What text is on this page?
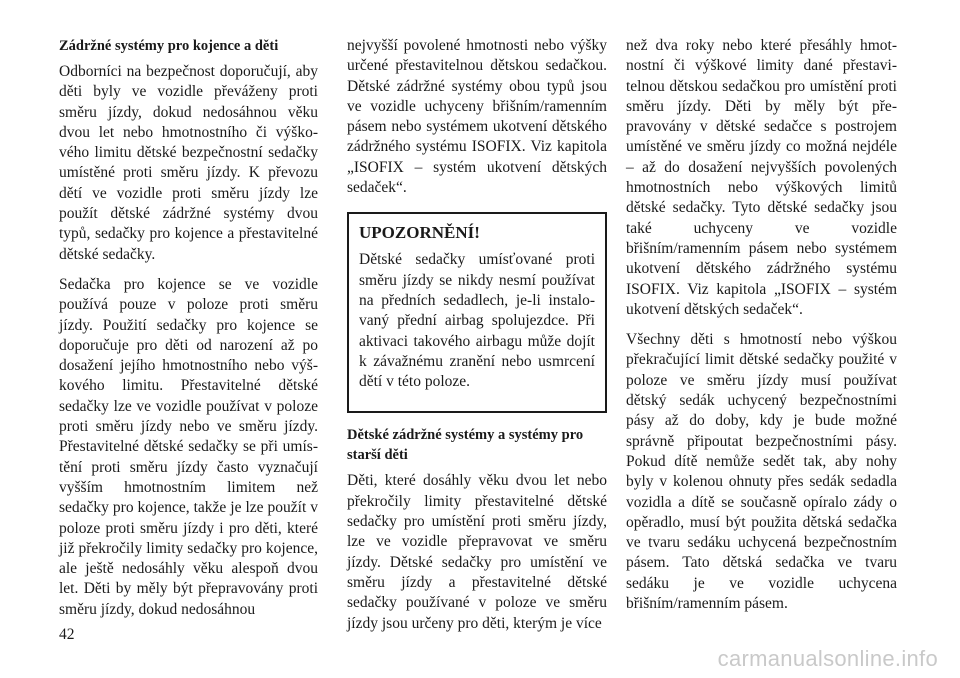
Zádržné systémy pro kojence a děti

Odborníci na bezpečnost doporučují, aby děti byly ve vozidle převáženy proti směru jízdy, dokud nedosáhnou věku dvou let nebo hmotnostního či výškového limitu dětské bezpečnostní sedačky umístěné proti směru jízdy. K převozu dětí ve vozidle proti směru jízdy lze použít dětské zádržné systémy dvou typů, sedačky pro kojence a přestavitelné dětské sedačky.

Sedačka pro kojence se ve vozidle používá pouze v poloze proti směru jízdy. Použití sedačky pro kojence se doporučuje pro děti od narození až po dosažení jejího hmotnostního nebo výškového limitu. Přestavitelné dětské sedačky lze ve vozidle používat v poloze proti směru jízdy nebo ve směru jízdy. Přestavitelné dětské sedačky se při umístění proti směru jízdy často vyznačují vyšším hmotnostním limitem než sedačky pro kojence, takže je lze použít v poloze proti směru jízdy i pro děti, které již překročily limity sedačky pro kojence, ale ještě nedosáhly věku alespoň dvou let. Děti by měly být přepravovány proti směru jízdy, dokud nedosáhnou

nejvyšší povolené hmotnosti nebo výšky určené přestavitelnou dětskou sedačkou. Dětské zádržné systémy obou typů jsou ve vozidle uchyceny břišním/ramenním pásem nebo systémem ukotvení dětského zádržného systému ISOFIX. Viz kapitola „ISOFIX – systém ukotvení dětských sedaček“.

UPOZORNĚNÍ!

Dětské sedačky umísťované proti směru jízdy se nikdy nesmí používat na předních sedadlech, je-li instalovaný přední airbag spolujezdce. Při aktivaci takového airbagu může dojít k závažnému zranění nebo usmrcení dětí v této poloze.

Dětské zádržné systémy a systémy pro starší děti

Děti, které dosáhly věku dvou let nebo překročily limity přestavitelné dětské sedačky pro umístění proti směru jízdy, lze ve vozidle přepravovat ve směru jízdy. Dětské sedačky pro umístění ve směru jízdy a přestavitelné dětské sedačky používané v poloze ve směru jízdy jsou určeny pro děti, kterým je více

než dva roky nebo které přesáhly hmotnostní či výškové limity dané přestavitelnou dětskou sedačkou pro umístění proti směru jízdy. Děti by měly být přepravovány v dětské sedačce s postrojem umístěné ve směru jízdy co možná nejdéle – až do dosažení nejvyšších povolených hmotnostních nebo výškových limitů dětské sedačky. Tyto dětské sedačky jsou také uchyceny ve vozidle břišním/ramenním pásem nebo systémem ukotvení dětského zádržného systému ISOFIX. Viz kapitola „ISOFIX – systém ukotvení dětských sedaček“.

Všechny děti s hmotností nebo výškou překračující limit dětské sedačky použité v poloze ve směru jízdy musí používat dětský sedák uchycený bezpečnostními pásy až do doby, kdy je bude možné správně připoutat bezpečnostními pásy. Pokud dítě nemůže sedět tak, aby nohy byly v kolenou ohnuty přes sedák sedadla vozidla a dítě se současně opíralo zády o opěradlo, musí být použita dětská sedačka ve tvaru sedáku uchycená bezpečnostním pásem. Tato dětská sedačka ve tvaru sedáku je ve vozidle uchycena břišním/ramenním pásem.

42
carmanualsonline.info
